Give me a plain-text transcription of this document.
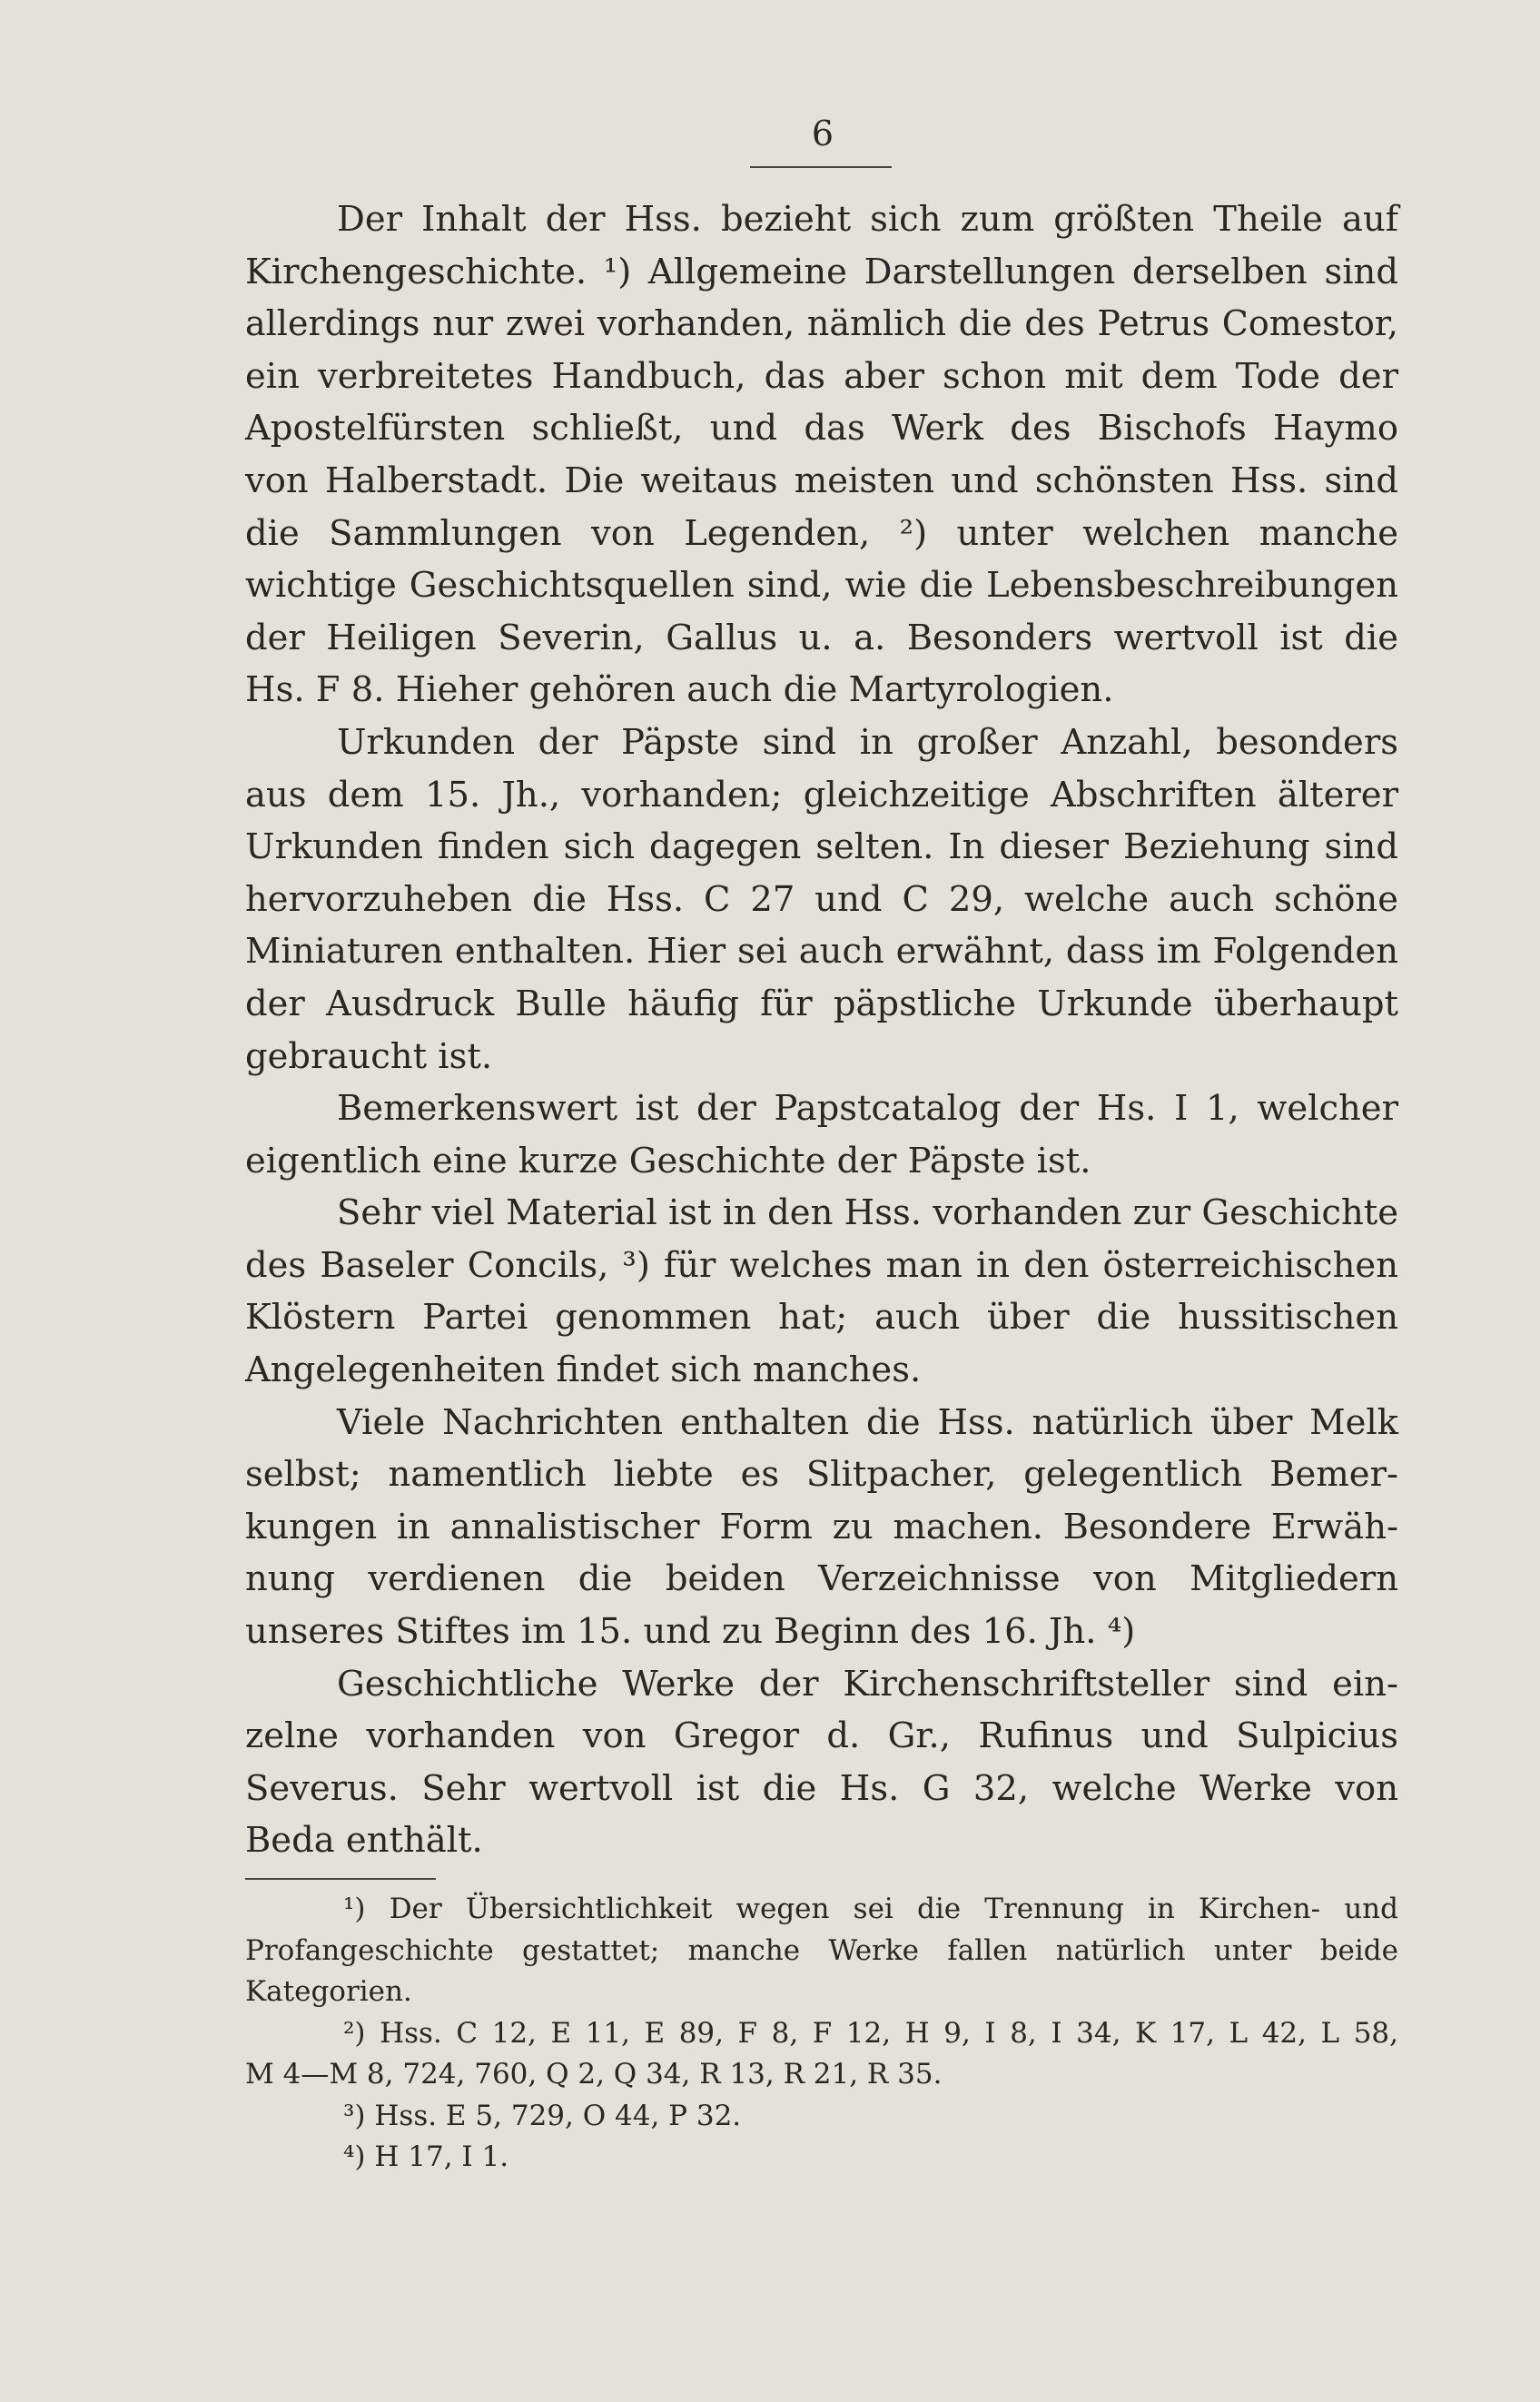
6
Der Inhalt der Hss. bezieht sich zum größten Theile auf
Kirchengeschichte. ¹) Allgemeine Darstellungen derselben sind
allerdings nur zwei vorhanden, nämlich die des Petrus Comestor,
ein verbreitetes Handbuch, das aber schon mit dem Tode der
Apostelfürsten schließt, und das Werk des Bischofs Haymo
von Halberstadt. Die weitaus meisten und schönsten Hss. sind
die Sammlungen von Legenden, ²) unter welchen manche
wichtige Geschichtsquellen sind, wie die Lebensbeschreibungen
der Heiligen Severin, Gallus u. a. Besonders wertvoll ist die
Hs. F 8. Hieher gehören auch die Martyrologien.
Urkunden der Päpste sind in großer Anzahl, besonders
aus dem 15. Jh., vorhanden; gleichzeitige Abschriften älterer
Urkunden finden sich dagegen selten. In dieser Beziehung sind
hervorzuheben die Hss. C 27 und C 29, welche auch schöne
Miniaturen enthalten. Hier sei auch erwähnt, dass im Folgenden
der Ausdruck Bulle häufig für päpstliche Urkunde überhaupt
gebraucht ist.
Bemerkenswert ist der Papstcatalog der Hs. I 1, welcher
eigentlich eine kurze Geschichte der Päpste ist.
Sehr viel Material ist in den Hss. vorhanden zur Geschichte
des Baseler Concils, ³) für welches man in den österreichischen
Klöstern Partei genommen hat; auch über die hussitischen
Angelegenheiten findet sich manches.
Viele Nachrichten enthalten die Hss. natürlich über Melk
selbst; namentlich liebte es Slitpacher, gelegentlich Bemer-
kungen in annalistischer Form zu machen. Besondere Erwäh-
nung verdienen die beiden Verzeichnisse von Mitgliedern
unseres Stiftes im 15. und zu Beginn des 16. Jh. ⁴)
Geschichtliche Werke der Kirchenschriftsteller sind ein-
zelne vorhanden von Gregor d. Gr., Rufinus und Sulpicius
Severus. Sehr wertvoll ist die Hs. G 32, welche Werke von
Beda enthält.
¹) Der Übersichtlichkeit wegen sei die Trennung in Kirchen- und
Profangeschichte gestattet; manche Werke fallen natürlich unter beide
Kategorien.
²) Hss. C 12, E 11, E 89, F 8, F 12, H 9, I 8, I 34, K 17, L 42, L 58,
M 4—M 8, 724, 760, Q 2, Q 34, R 13, R 21, R 35.
³) Hss. E 5, 729, O 44, P 32.
⁴) H 17, I 1.
